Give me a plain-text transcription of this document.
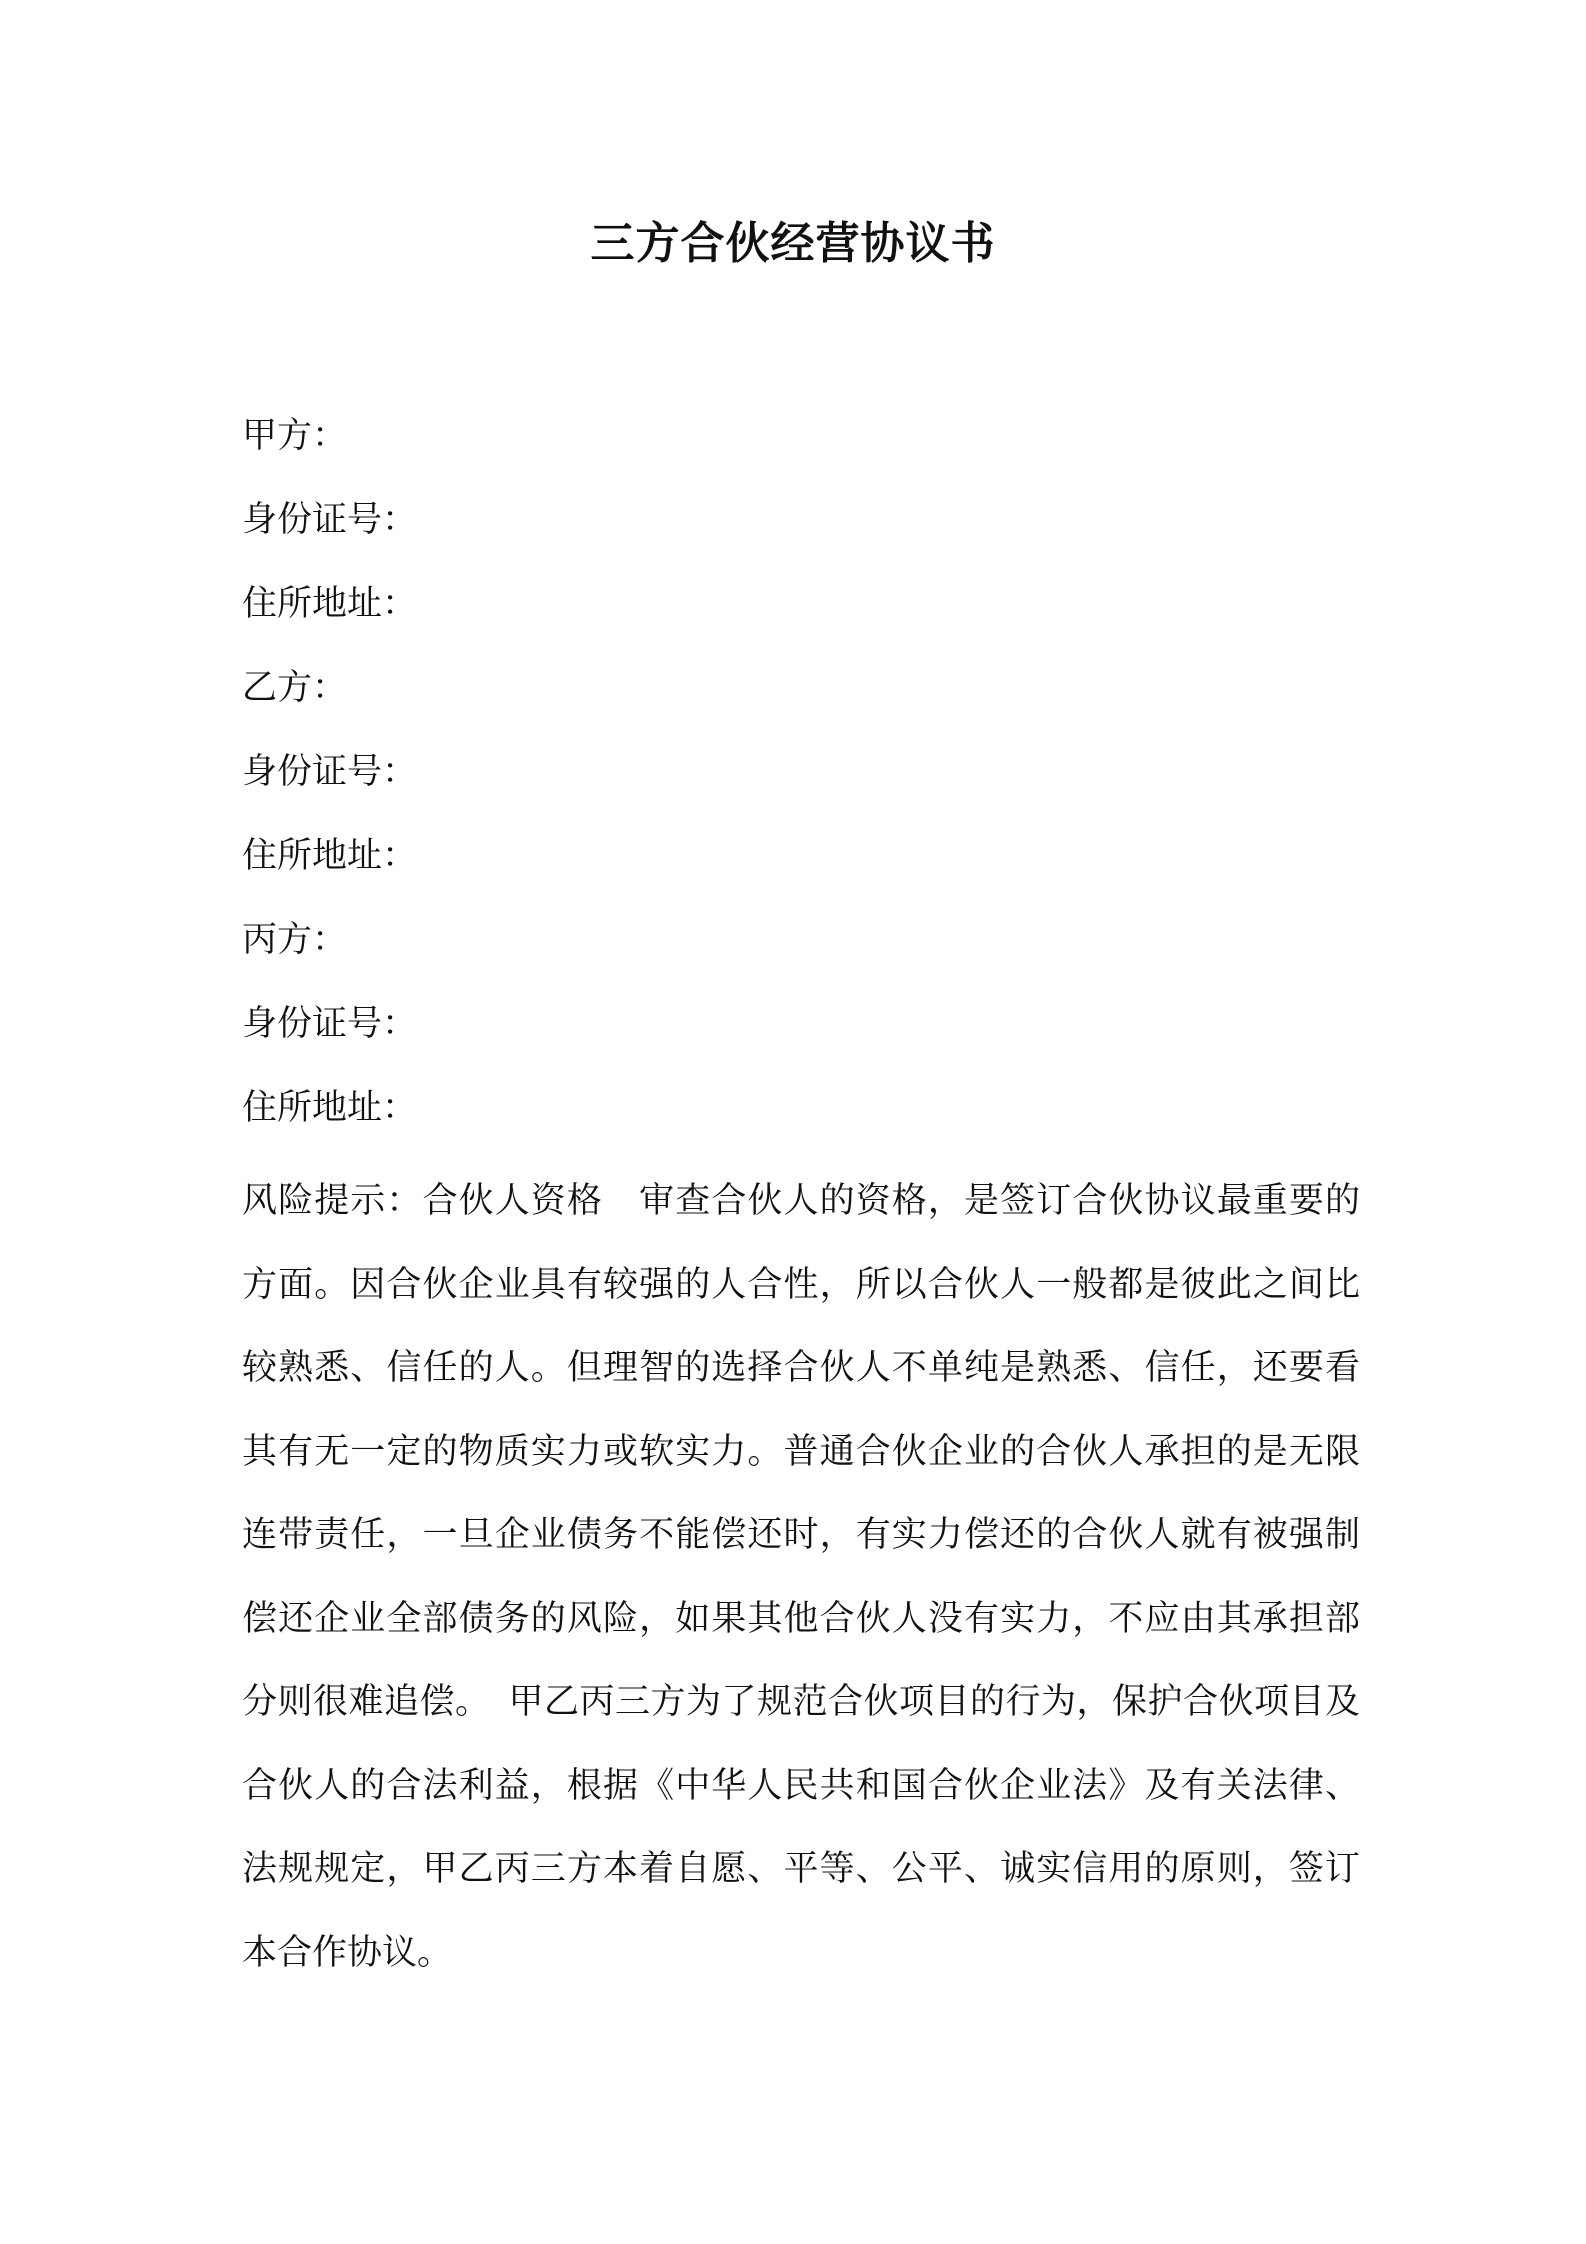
三方合伙经营协议书
甲方：
身份证号：
住所地址：
乙方：
身份证号：
住所地址：
丙方：
身份证号：
住所地址：
风险提示：合伙人资格　审查合伙人的资格，是签订合伙协议最重要的方面。因合伙企业具有较强的人合性，所以合伙人一般都是彼此之间比较熟悉、信任的人。但理智的选择合伙人不单纯是熟悉、信任，还要看其有无一定的物质实力或软实力。普通合伙企业的合伙人承担的是无限连带责任，一旦企业债务不能偿还时，有实力偿还的合伙人就有被强制偿还企业全部债务的风险，如果其他合伙人没有实力，不应由其承担部分则很难追偿。　甲乙丙三方为了规范合伙项目的行为，保护合伙项目及合伙人的合法利益，根据《中华人民共和国合伙企业法》及有关法律、法规规定，甲乙丙三方本着自愿、平等、公平、诚实信用的原则，签订本合作协议。
